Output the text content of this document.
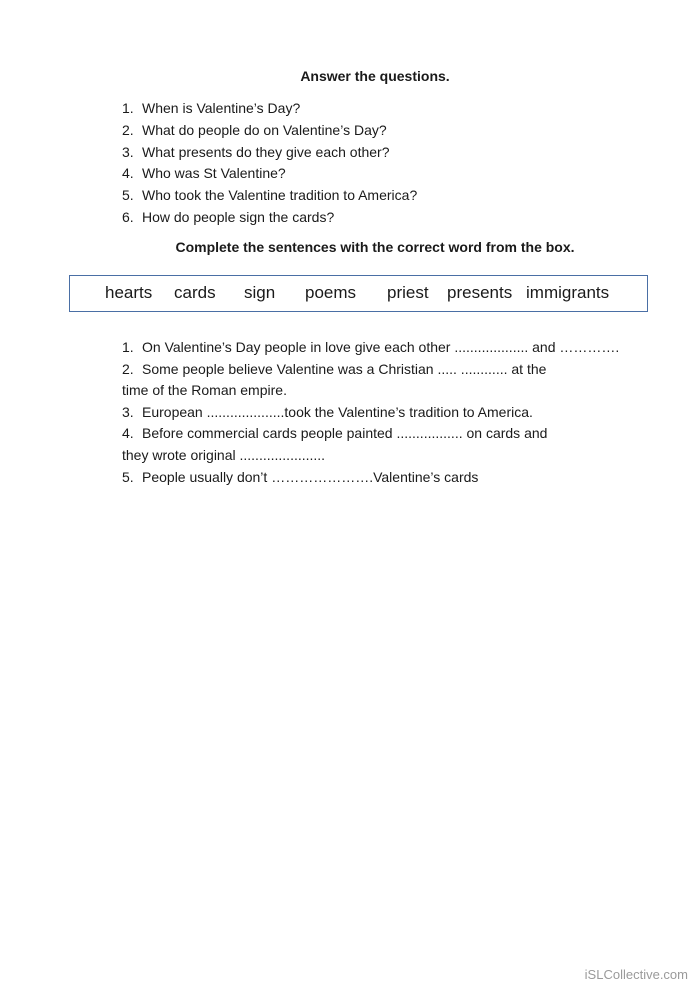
Answer the questions.
1. When is Valentine’s Day?
2. What do people do on Valentine’s Day?
3. What presents do they give each other?
4. Who was St Valentine?
5. Who took the Valentine tradition to America?
6. How do people sign the cards?
Complete the sentences with the correct word from the box.
hearts cards sign poems priest presents immigrants
1. On Valentine’s Day people in love give each other ................... and ………….
2. Some people believe Valentine was a Christian ..... ............ at the
time of the Roman empire.
3. European ....................took the Valentine’s tradition to America.
4. Before commercial cards people painted ................. on cards and
they wrote original ......................
5. People usually don’t ………………….Valentine’s cards
iSLCollective.com
